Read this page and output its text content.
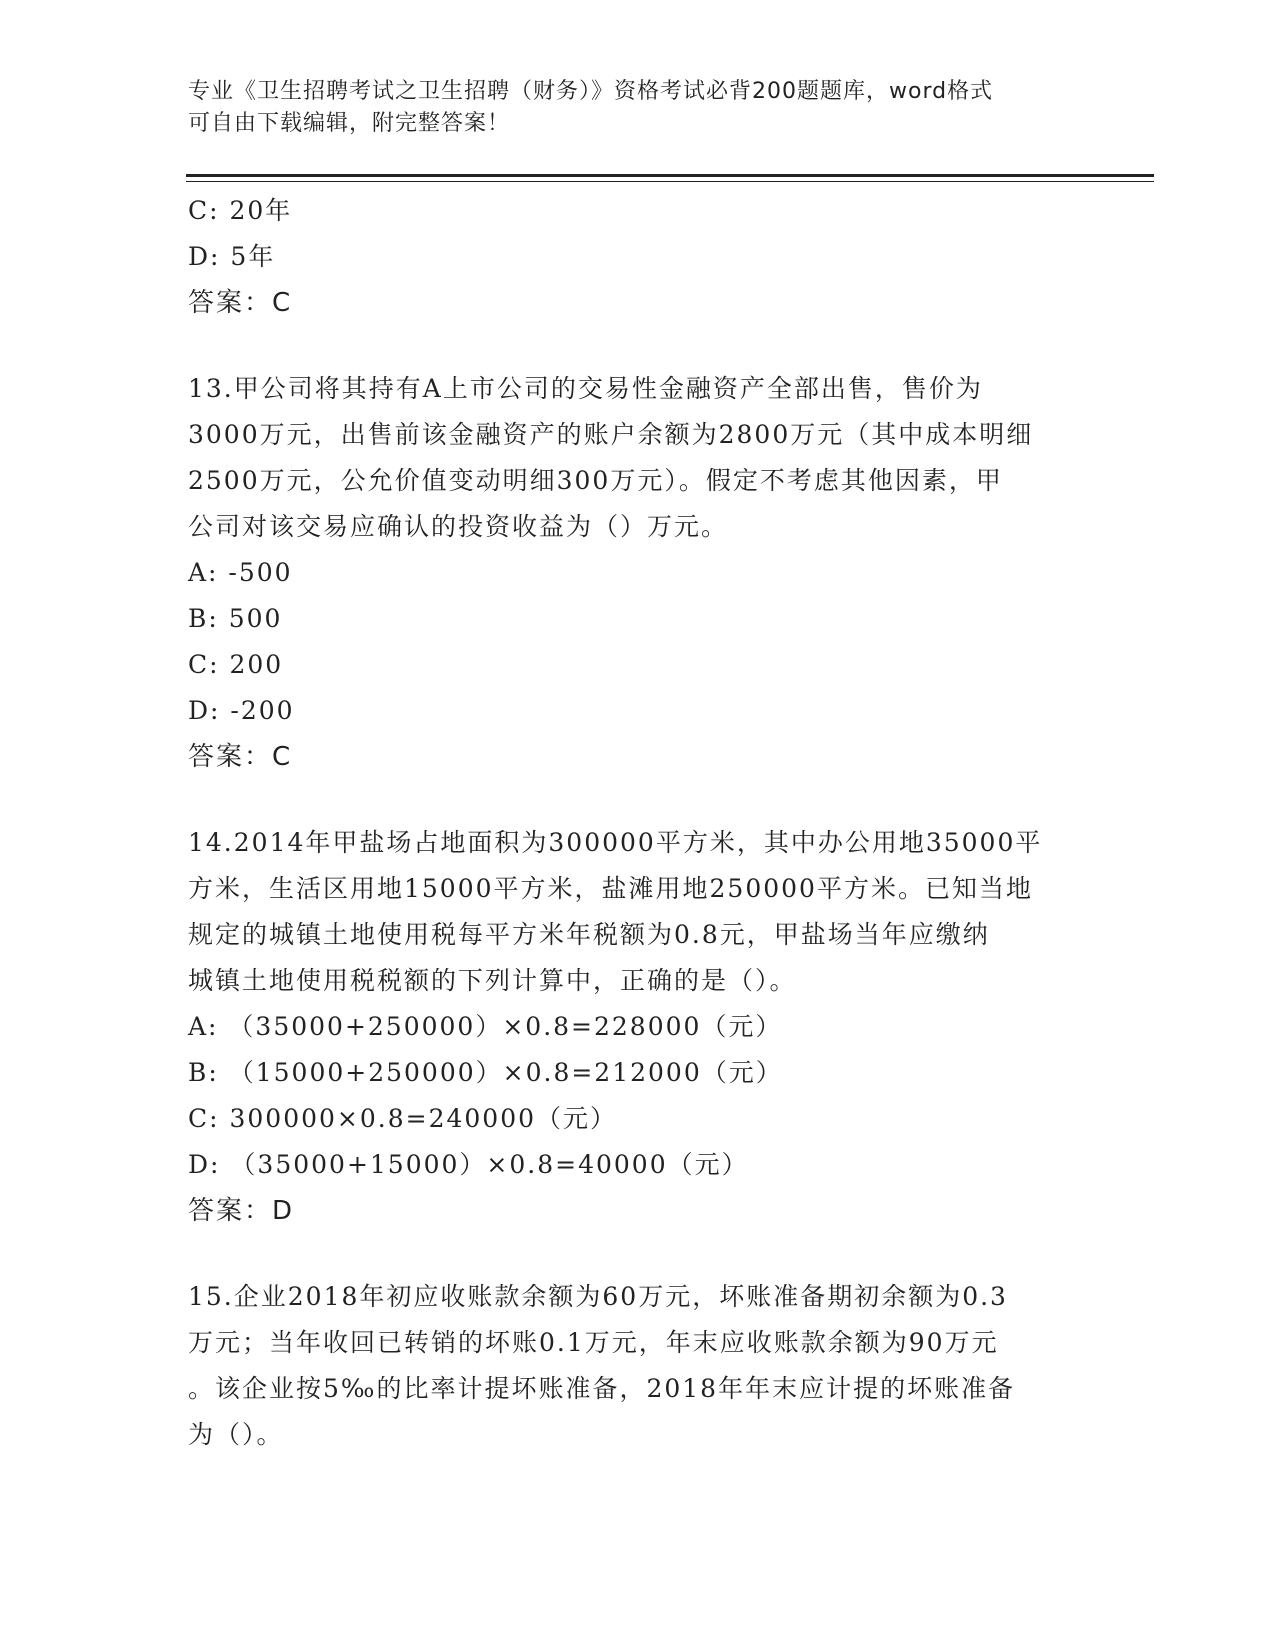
专业《卫生招聘考试之卫生招聘（财务）》资格考试必背200题题库，word格式
可自由下载编辑，附完整答案！
C: 20年
D: 5年
答案：C
13.甲公司将其持有A上市公司的交易性金融资产全部出售，售价为
3000万元，出售前该金融资产的账户余额为2800万元（其中成本明细
2500万元，公允价值变动明细300万元）。假定不考虑其他因素，甲
公司对该交易应确认的投资收益为（）万元。
A: -500
B: 500
C: 200
D: -200
答案：C
14.2014年甲盐场占地面积为300000平方米，其中办公用地35000平
方米，生活区用地15000平方米，盐滩用地250000平方米。已知当地
规定的城镇土地使用税每平方米年税额为0.8元，甲盐场当年应缴纳
城镇土地使用税税额的下列计算中，正确的是（）。
A: （35000+250000）×0.8=228000（元）
B: （15000+250000）×0.8=212000（元）
C: 300000×0.8=240000（元）
D: （35000+15000）×0.8=40000（元）
答案：D
15.企业2018年初应收账款余额为60万元，坏账准备期初余额为0.3
万元；当年收回已转销的坏账0.1万元，年末应收账款余额为90万元
。该企业按5‰的比率计提坏账准备，2018年年末应计提的坏账准备
为（）。
